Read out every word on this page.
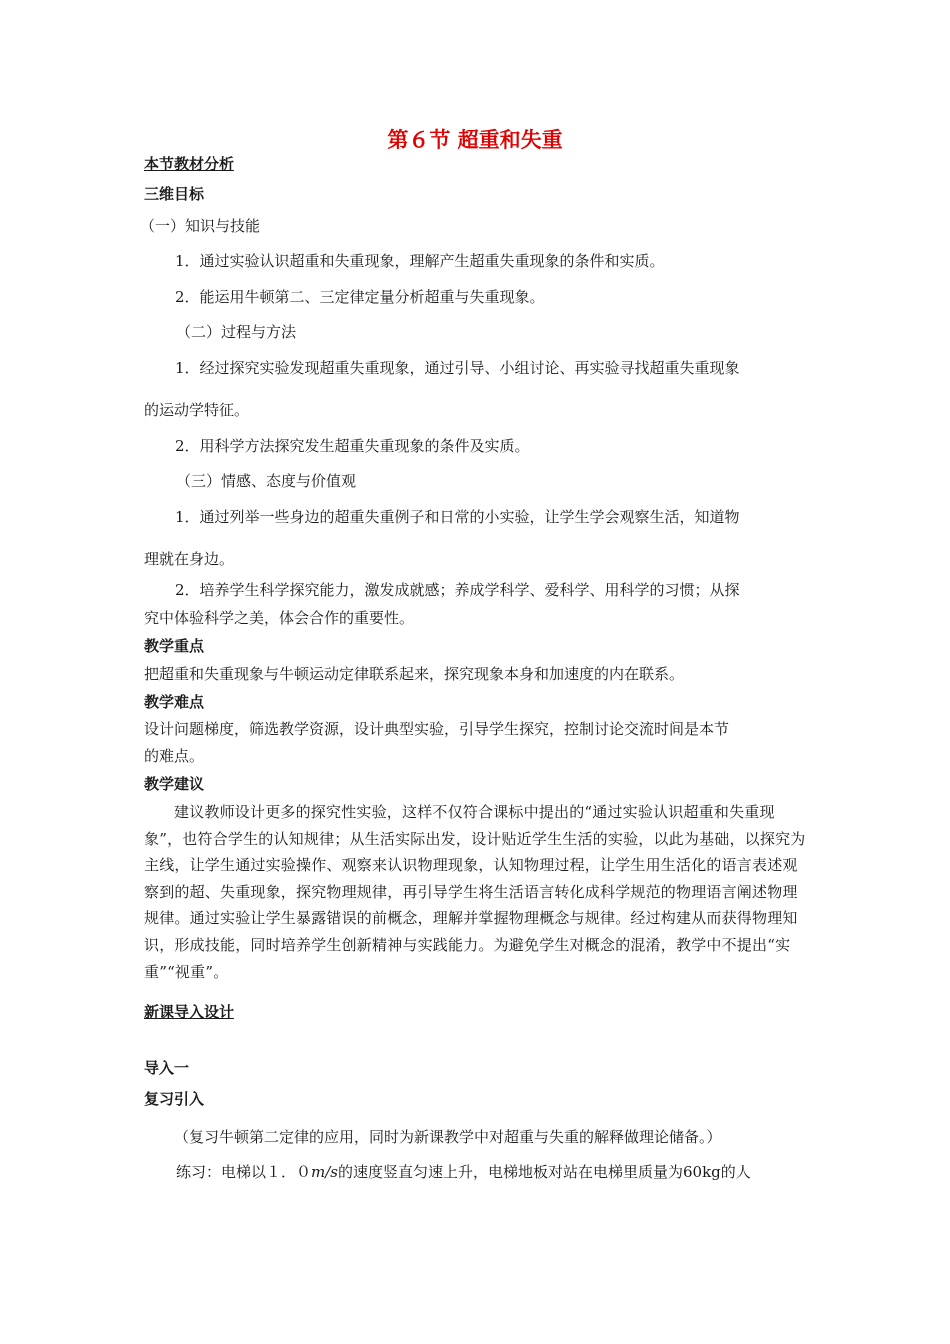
第６节 超重和失重
本节教材分析
三维目标
（一）知识与技能
1．通过实验认识超重和失重现象，理解产生超重失重现象的条件和实质。
2．能运用牛顿第二、三定律定量分析超重与失重现象。
（二）过程与方法
1．经过探究实验发现超重失重现象，通过引导、小组讨论、再实验寻找超重失重现象
的运动学特征。
2．用科学方法探究发生超重失重现象的条件及实质。
（三）情感、态度与价值观
1．通过列举一些身边的超重失重例子和日常的小实验，让学生学会观察生活，知道物
理就在身边。
2．培养学生科学探究能力，激发成就感；养成学科学、爱科学、用科学的习惯；从探
究中体验科学之美，体会合作的重要性。
教学重点
把超重和失重现象与牛顿运动定律联系起来，探究现象本身和加速度的内在联系。
教学难点
设计问题梯度，筛选教学资源，设计典型实验，引导学生探究，控制讨论交流时间是本节
的难点。
教学建议
建议教师设计更多的探究性实验，这样不仅符合课标中提出的“通过实验认识超重和失重现象”，也符合学生的认知规律；从生活实际出发，设计贴近学生生活的实验，以此为基础，以探究为主线，让学生通过实验操作、观察来认识物理现象，认知物理过程，让学生用生活化的语言表述观察到的超、失重现象，探究物理规律，再引导学生将生活语言转化成科学规范的物理语言阐述物理规律。通过实验让学生暴露错误的前概念，理解并掌握物理概念与规律。经过构建从而获得物理知识，形成技能，同时培养学生创新精神与实践能力。为避免学生对概念的混淆，教学中不提出“实重”“视重”。
新课导入设计
导入一
复习引入
（复习牛顿第二定律的应用，同时为新课教学中对超重与失重的解释做理论储备。）
练习：电梯以１．０m/s的速度竖直匀速上升，电梯地板对站在电梯里质量为60kg的人
